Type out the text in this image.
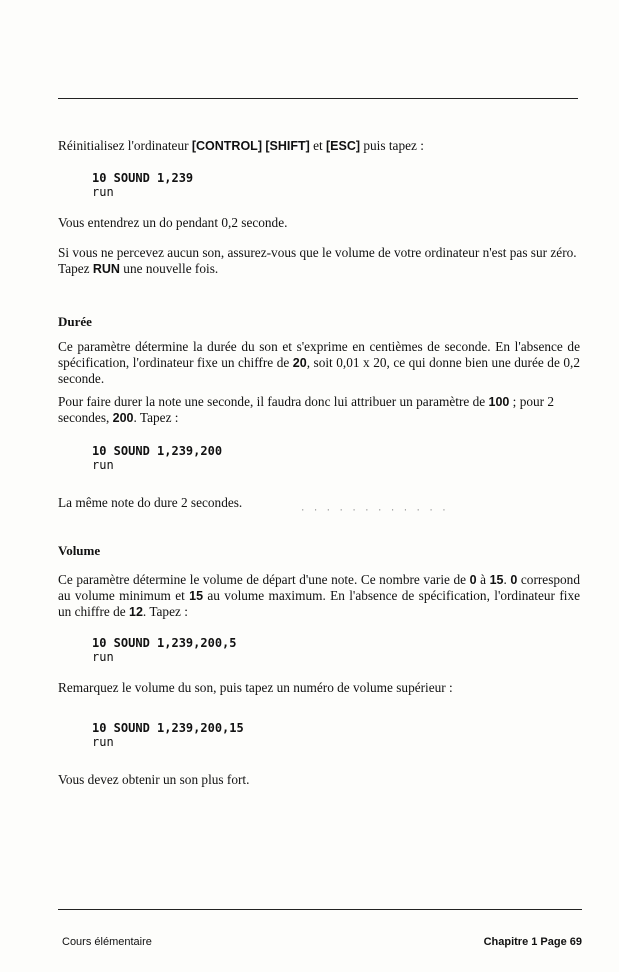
Réinitialisez l'ordinateur [CONTROL] [SHIFT] et [ESC] puis tapez :

10 SOUND 1,239
run

Vous entendrez un do pendant 0,2 seconde.

Si vous ne percevez aucun son, assurez-vous que le volume de votre ordinateur n'est pas sur zéro. Tapez RUN une nouvelle fois.

Durée

Ce paramètre détermine la durée du son et s'exprime en centièmes de seconde. En l'absence de spécification, l'ordinateur fixe un chiffre de 20, soit 0,01 x 20, ce qui donne bien une durée de 0,2 seconde.

Pour faire durer la note une seconde, il faudra donc lui attribuer un paramètre de 100 ; pour 2 secondes, 200. Tapez :

10 SOUND 1,239,200
run

La même note do dure 2 secondes.

· · · · · · · · · · · ·

Volume

Ce paramètre détermine le volume de départ d'une note. Ce nombre varie de 0 à 15. 0 correspond au volume minimum et 15 au volume maximum. En l'absence de spécification, l'ordinateur fixe un chiffre de 12. Tapez :

10 SOUND 1,239,200,5
run

Remarquez le volume du son, puis tapez un numéro de volume supérieur :

10 SOUND 1,239,200,15
run

Vous devez obtenir un son plus fort.

Cours élémentaire	Chapitre 1 Page 69
